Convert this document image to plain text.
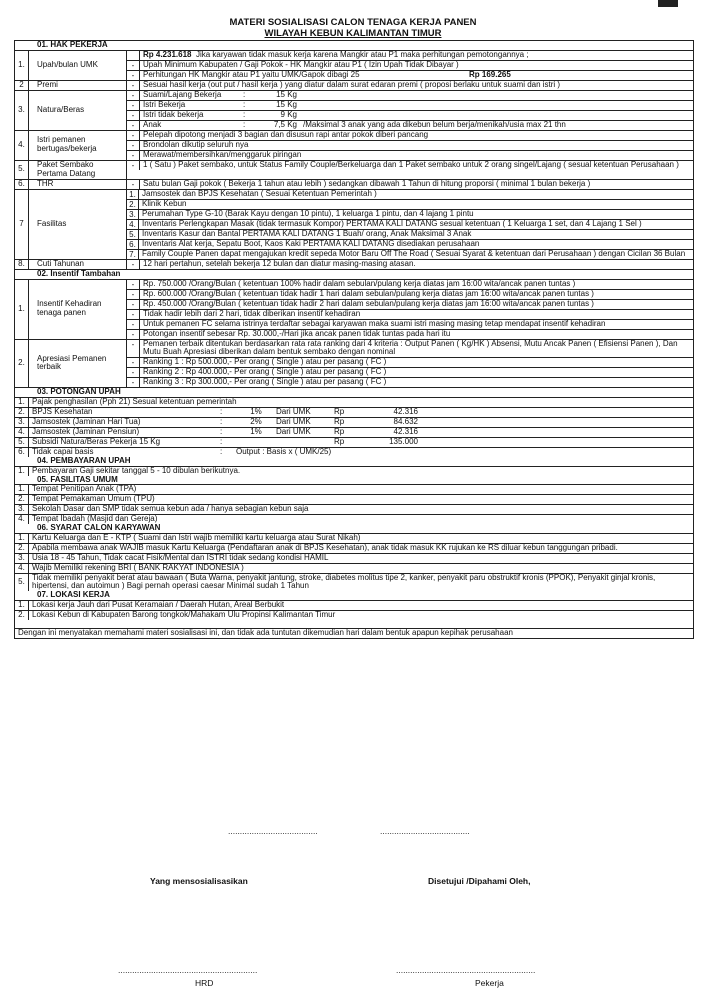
MATERI SOSIALISASI CALON TENAGA KERJA PANEN
WILAYAH KEBUN KALIMANTAN TIMUR
01. HAK PEKERJA
1.	Upah/bulan UMK
Rp 4.231.618 Jika karyawan tidak masuk kerja karena Mangkir atau P1 maka perhitungan pemotongannya ;
-	Upah Minimum Kabupaten / Gaji Pokok - HK Mangkir atau P1 ( Izin Upah Tidak Dibayar )
-	Perhitungan HK Mangkir atau P1 yaitu UMK/Gapok dibagi 25	Rp 169.265
2	Premi	-	Sesuai hasil kerja (out put / hasil kerja ) yang diatur dalam surat edaran premi ( proposi berlaku untuk suami dan istri )
3.	Natura/Beras
-	Suami/Lajang Bekerja	:	15 Kg
-	Istri Bekerja	:	15 Kg
-	Istri tidak bekerja	:	9 Kg
-	Anak	:	7,5 Kg /Maksimal 3 anak yang ada dikebun belum berja/menikah/usia max 21 thn
4.	Istri pemanen bertugas/bekerja
-	Pelepah dipotong menjadi 3 bagian dan disusun rapi antar pokok diberi pancang
-	Brondolan dikutip seluruh nya
-	Merawat/membersihkan/menggaruk piringan
5.	Paket Sembako Pertama Datang
-	1 ( Satu ) Paket sembako, untuk Status Family Couple/Berkeluarga dan 1 Paket sembako untuk 2 orang singel/Lajang ( sesual ketentuan Perusahaan )
6.	THR	-	Satu bulan Gaji pokok ( Bekerja 1 tahun atau lebih ) sedangkan dibawah 1 Tahun di hitung proporsi ( minimal 1 bulan bekerja )
7	Fasilitas
1. Jamsostek dan BPJS Kesehatan ( Sesuai Ketentuan Pemerintah )
2. Klinik Kebun
3. Perumahan Type G-10 (Barak Kayu dengan 10 pintu), 1 keluarga 1 pintu, dan 4 lajang 1 pintu
4. Inventaris Perlengkapan Masak (tidak termasuk Kompor) PERTAMA KALI DATANG sesual ketentuan ( 1 Keluarga 1 set, dan 4 Lajang 1 Sel )
5. Inventaris Kasur dan Bantal PERTAMA KALI DATANG 1 Buah/ orang, Anak Maksimal 3 Anak
6. Inventaris Alat kerja, Sepatu Boot, Kaos Kaki PERTAMA KALI DATANG disediakan perusahaan
7. Family Couple Panen dapat mengajukan kredit sepeda Motor Baru Off The Road ( Sesuai Syarat & ketentuan dari Perusahaan ) dengan Cicilan 36 Bulan
8.	Cuti Tahunan	-	12 hari pertahun, setelah bekerja 12 bulan dan diatur masing-masing atasan.
02. Insentif Tambahan
1.	Insentif Kehadiran tenaga panen
-	Rp. 750.000 /Orang/Bulan ( ketentuan 100% hadir dalam sebulan/pulang kerja diatas jam 16:00 wita/ancak panen tuntas )
-	Rp. 600.000 /Orang/Bulan ( ketentuan tidak hadir 1 hari dalam sebulan/pulang kerja diatas jam 16:00 wita/ancak panen tuntas )
-	Rp. 450.000 /Orang/Bulan ( ketentuan tidak hadir 2 hari dalam sebulan/pulang kerja diatas jam 16:00 wita/ancak panen tuntas )
-	Tidak hadir lebih dari 2 hari, tidak diberikan insentif kehadiran
-	Untuk pemanen FC selama istrinya terdaftar sebagai karyawan maka suami istri masing masing tetap mendapat insentif kehadiran
-	Potongan insentif sebesar Rp. 30.000,-/Hari jika ancak panen tidak tuntas pada hari itu
2.	Apresiasi Pemanen terbaik
-	Pemanen terbaik ditentukan berdasarkan rata rata ranking dari 4 kriteria : Output Panen ( Kg/HK ) Absensi, Mutu Ancak Panen ( Efisiensi Panen ), Dan Mutu Buah Apresiasi diberikan dalam bentuk sembako dengan nominal
-	Ranking 1 : Rp 500.000,- Per orang ( Single ) atau per pasang ( FC )
-	Ranking 2 : Rp 400.000,- Per orang ( Single ) atau per pasang ( FC )
-	Ranking 3 : Rp 300.000,- Per orang ( Single ) atau per pasang ( FC )
03. POTONGAN UPAH
1. Pajak penghasilan (Pph 21) Sesual ketentuan pemerintah
2. BPJS Kesehatan	:	1% Dari UMK	Rp	42.316
3. Jamsostek (Jaminan Hari Tua)	:	2% Dari UMK	Rp	84.632
4. Jamsostek (Jaminan Pensiun)	:	1% Dari UMK	Rp	42.316
5. Subsidi Natura/Beras Pekerja 15 Kg	:	Rp	135.000
6. Tidak capai basis	: Output : Basis x ( UMK/25)
04. PEMBAYARAN UPAH
1. Pembayaran Gaji sekitar tanggal 5 - 10 dibulan berikutnya.
05. FASILITAS UMUM
1. Tempat Penitipan Anak (TPA)
2. Tempat Pemakaman Umum (TPU)
3. Sekolah Dasar dan SMP tidak semua kebun ada / hanya sebagian kebun saja
4. Tempat Ibadah (Masjid dan Gereja)
06. SYARAT CALON KARYAWAN
1. Kartu Keluarga dan E - KTP ( Suami dan Istri wajib memiliki kartu keluarga atau Surat Nikah)
2. Apabila membawa anak WAJIB masuk Kartu Keluarga (Pendaftaran anak di BPJS Kesehatan), anak tidak masuk KK rujukan ke RS diluar kebun tanggungan pribadi.
3. Usia 18 - 45 Tahun, Tidak cacat Fisik/Mental dan ISTRI tidak sedang kondisi HAMIL
4. Wajib Memiliki rekening BRI ( BANK RAKYAT INDONESIA )
5. Tidak memiliki penyakit berat atau bawaan ( Buta Warna, penyakit jantung, stroke, diabetes molitus tipe 2, kanker, penyakit paru obstruktif kronis (PPOK), Penyakit ginjal kronis, hipertensi, dan autoimun ) Bagi pernah operasi caesar Minimal sudah 1 Tahun
07. LOKASI KERJA
1. Lokasi kerja Jauh dari Pusat Keramaian / Daerah Hutan, Areal Berbukit
2. Lokasi Kebun di Kabupaten Barong tongkok/Mahakam Ulu Propinsi Kalimantan Timur
Dengan ini menyatakan memahami materi sosialisasi ini, dan tidak ada tuntutan dikemudian hari dalam bentuk apapun kepihak perusahaan
......................................	......................................
Yang mensosialisasikan	Disetujui /Dipahami Oleh,
...........................................................	...........................................................
HRD	Pekerja
